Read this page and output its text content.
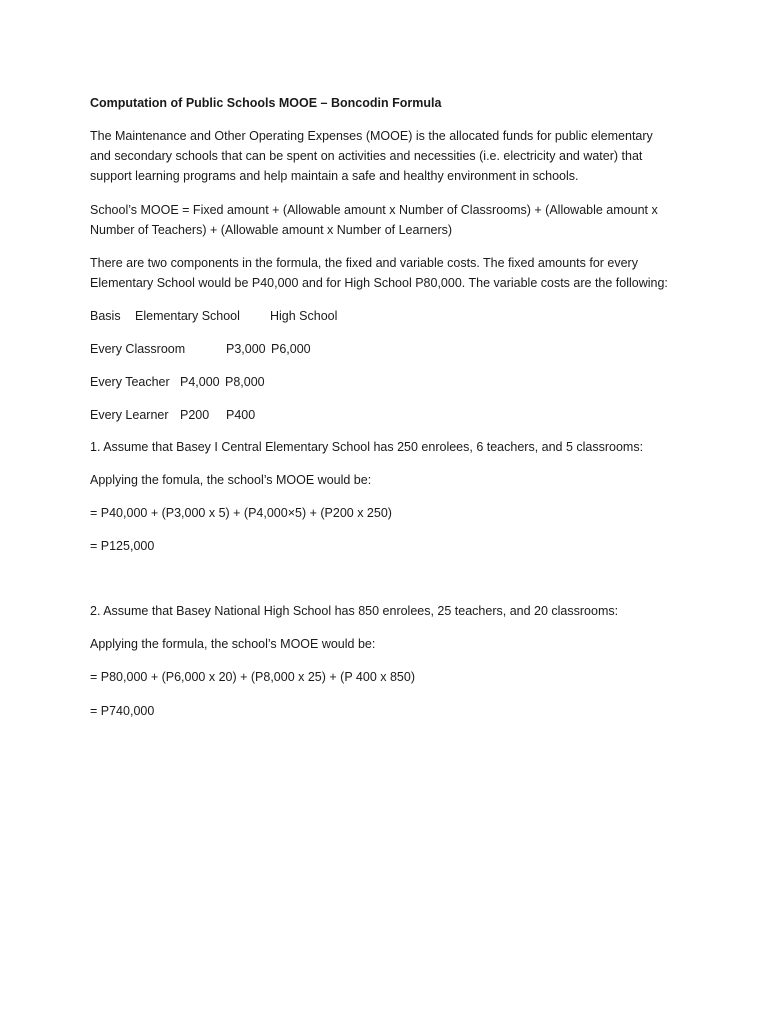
Computation of Public Schools MOOE – Boncodin Formula
The Maintenance and Other Operating Expenses (MOOE) is the allocated funds for public elementary
and secondary schools that can be spent on activities and necessities (i.e. electricity and water) that
support learning programs and help maintain a safe and healthy environment in schools.
School’s MOOE = Fixed amount + (Allowable amount x Number of Classrooms) + (Allowable amount x
Number of Teachers) + (Allowable amount x Number of Learners)
There are two components in the formula, the fixed and variable costs. The fixed amounts for every
Elementary School would be P40,000 and for High School P80,000. The variable costs are the following:
Basis Elementary School High School
Every Classroom	P3,000 P6,000
Every Teacher P4,000 P8,000
Every Learner P200 P400
1. Assume that Basey I Central Elementary School has 250 enrolees, 6 teachers, and 5 classrooms:
Applying the fomula, the school’s MOOE would be:
= P40,000 + (P3,000 x 5) + (P4,000×5) + (P200 x 250)
= P125,000
2. Assume that Basey National High School has 850 enrolees, 25 teachers, and 20 classrooms:
Applying the formula, the school’s MOOE would be:
= P80,000 + (P6,000 x 20) + (P8,000 x 25) + (P 400 x 850)
= P740,000
